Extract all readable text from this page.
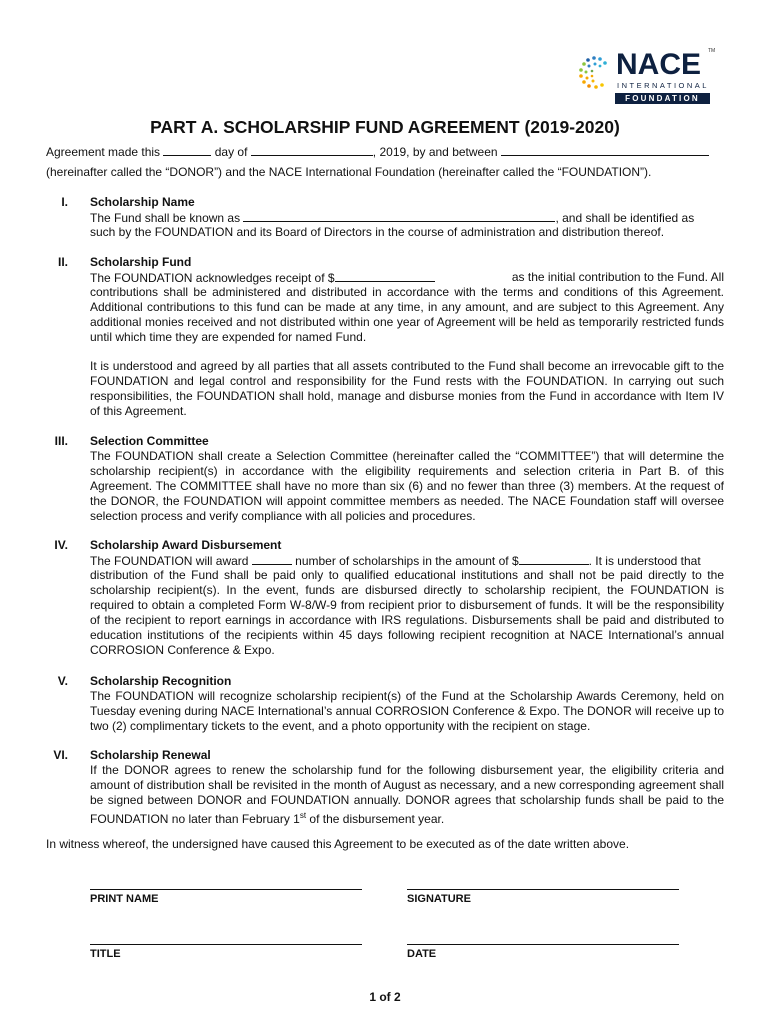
NACE TM
INTERNATIONAL
FOUNDATION
PART A. SCHOLARSHIP FUND AGREEMENT (2019-2020)
Agreement made this	day of	, 2019, by and between
(hereinafter called the “DONOR”) and the NACE International Foundation (hereinafter called the “FOUNDATION”).
I. Scholarship Name
The Fund shall be known as	, and shall be identified as
such by the FOUNDATION and its Board of Directors in the course of administration and distribution thereof.
II. Scholarship Fund
The FOUNDATION acknowledges receipt of $	as the initial contribution to the Fund. All
contributions shall be administered and distributed in accordance with the terms and conditions of this Agreement. Additional contributions to this fund can be made at any time, in any amount, and are subject to this Agreement. Any additional monies received and not distributed within one year of Agreement will be held as temporarily restricted funds until which time they are expended for named Fund.
It is understood and agreed by all parties that all assets contributed to the Fund shall become an irrevocable gift to the FOUNDATION and legal control and responsibility for the Fund rests with the FOUNDATION. In carrying out such responsibilities, the FOUNDATION shall hold, manage and disburse monies from the Fund in accordance with Item IV of this Agreement.
III. Selection Committee
The FOUNDATION shall create a Selection Committee (hereinafter called the “COMMITTEE”) that will determine the scholarship recipient(s) in accordance with the eligibility requirements and selection criteria in Part B. of this Agreement. The COMMITTEE shall have no more than six (6) and no fewer than three (3) members. At the request of the DONOR, the FOUNDATION will appoint committee members as needed. The NACE Foundation staff will oversee selection process and verify compliance with all policies and procedures.
IV. Scholarship Award Disbursement
The FOUNDATION will award	number of scholarships in the amount of $	. It is understood that
distribution of the Fund shall be paid only to qualified educational institutions and shall not be paid directly to the scholarship recipient(s). In the event, funds are disbursed directly to scholarship recipient, the FOUNDATION is required to obtain a completed Form W-8/W-9 from recipient prior to disbursement of funds. It will be the responsibility of the recipient to report earnings in accordance with IRS regulations. Disbursements shall be paid and distributed to education institutions of the recipients within 45 days following recipient recognition at NACE International’s annual CORROSION Conference & Expo.
V. Scholarship Recognition
The FOUNDATION will recognize scholarship recipient(s) of the Fund at the Scholarship Awards Ceremony, held on Tuesday evening during NACE International’s annual CORROSION Conference & Expo. The DONOR will receive up to two (2) complimentary tickets to the event, and a photo opportunity with the recipient on stage.
VI. Scholarship Renewal
If the DONOR agrees to renew the scholarship fund for the following disbursement year, the eligibility criteria and amount of distribution shall be revisited in the month of August as necessary, and a new corresponding agreement shall be signed between DONOR and FOUNDATION annually. DONOR agrees that scholarship funds shall be paid to the FOUNDATION no later than February 1st of the disbursement year.
In witness whereof, the undersigned have caused this Agreement to be executed as of the date written above.
PRINT NAME	SIGNATURE
TITLE	DATE
1 of 2
